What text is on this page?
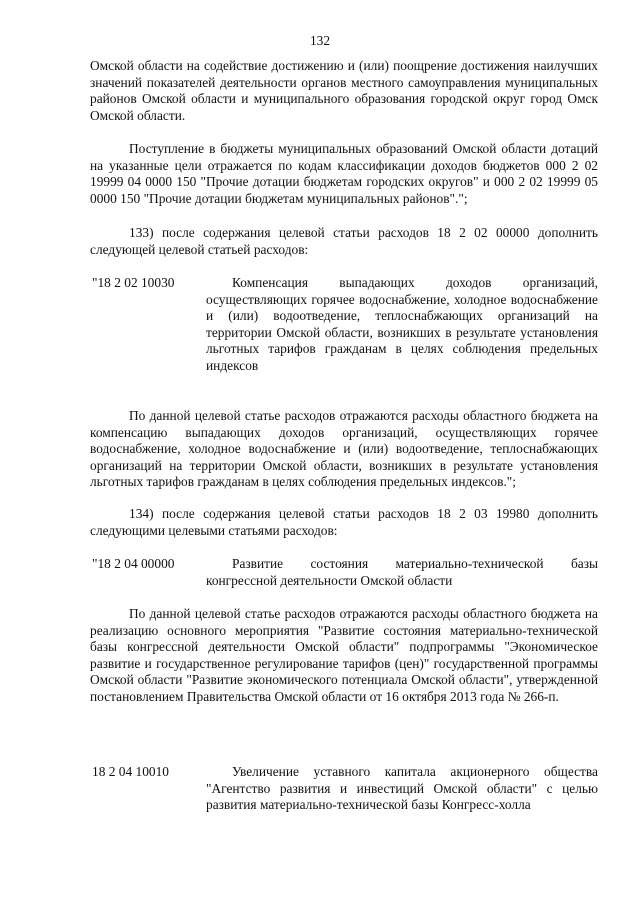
132

Омской области на содействие достижению и (или) поощрение достижения наилучших значений показателей деятельности органов местного самоуправления муниципальных районов Омской области и муниципального образования городской округ город Омск Омской области.

Поступление в бюджеты муниципальных образований Омской области дотаций на указанные цели отражается по кодам классификации доходов бюджетов 000 2 02 19999 04 0000 150 "Прочие дотации бюджетам городских округов" и 000 2 02 19999 05 0000 150 "Прочие дотации бюджетам муниципальных районов".";

133) после содержания целевой статьи расходов 18 2 02 00000 дополнить следующей целевой статьей расходов:

"18 2 02 10030	Компенсация выпадающих доходов организаций, осуществляющих горячее водоснабжение, холодное водоснабжение и (или) водоотведение, теплоснабжающих организаций на территории Омской области, возникших в результате установления льготных тарифов гражданам в целях соблюдения предельных индексов

По данной целевой статье расходов отражаются расходы областного бюджета на компенсацию выпадающих доходов организаций, осуществляющих горячее водоснабжение, холодное водоснабжение и (или) водоотведение, теплоснабжающих организаций на территории Омской области, возникших в результате установления льготных тарифов гражданам в целях соблюдения предельных индексов.";

134) после содержания целевой статьи расходов 18 2 03 19980 дополнить следующими целевыми статьями расходов:

"18 2 04 00000	Развитие состояния материально-технической базы конгрессной деятельности Омской области

По данной целевой статье расходов отражаются расходы областного бюджета на реализацию основного мероприятия "Развитие состояния материально-технической базы конгрессной деятельности Омской области" подпрограммы "Экономическое развитие и государственное регулирование тарифов (цен)" государственной программы Омской области "Развитие экономического потенциала Омской области", утвержденной постановлением Правительства Омской области от 16 октября 2013 года № 266-п.

18 2 04 10010	Увеличение уставного капитала акционерного общества "Агентство развития и инвестиций Омской области" с целью развития материально-технической базы Конгресс-холла
